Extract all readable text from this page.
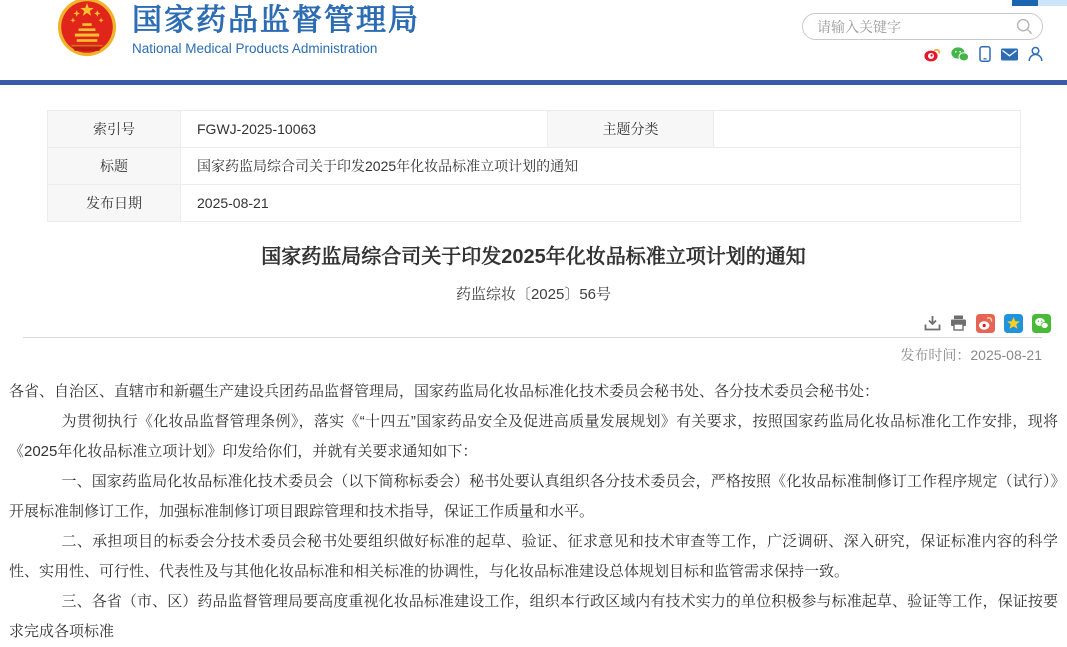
国家药品监督管理局
National Medical Products Administration
请输入关键字
索引号	FGWJ-2025-10063	主题分类	
标题	国家药监局综合司关于印发2025年化妆品标准立项计划的通知		
发布日期	2025-08-21		
国家药监局综合司关于印发2025年化妆品标准立项计划的通知
药监综妆〔2025〕56号
发布时间：2025-08-21

各省、自治区、直辖市和新疆生产建设兵团药品监督管理局，国家药监局化妆品标准化技术委员会秘书处、各分技术委员会秘书处：

为贯彻执行《化妆品监督管理条例》，落实《“十四五”国家药品安全及促进高质量发展规划》有关要求，按照国家药监局化妆品标准化工作安排，现将《2025年化妆品标准立项计划》印发给你们，并就有关要求通知如下：

一、国家药监局化妆品标准化技术委员会（以下简称标委会）秘书处要认真组织各分技术委员会，严格按照《化妆品标准制修订工作程序规定（试行）》开展标准制修订工作，加强标准制修订项目跟踪管理和技术指导，保证工作质量和水平。

二、承担项目的标委会分技术委员会秘书处要组织做好标准的起草、验证、征求意见和技术审查等工作，广泛调研、深入研究，保证标准内容的科学性、实用性、可行性、代表性及与其他化妆品标准和相关标准的协调性，与化妆品标准建设总体规划目标和监管需求保持一致。

三、各省（市、区）药品监督管理局要高度重视化妆品标准建设工作，组织本行政区域内有技术实力的单位积极参与标准起草、验证等工作，保证按要求完成各项标准
